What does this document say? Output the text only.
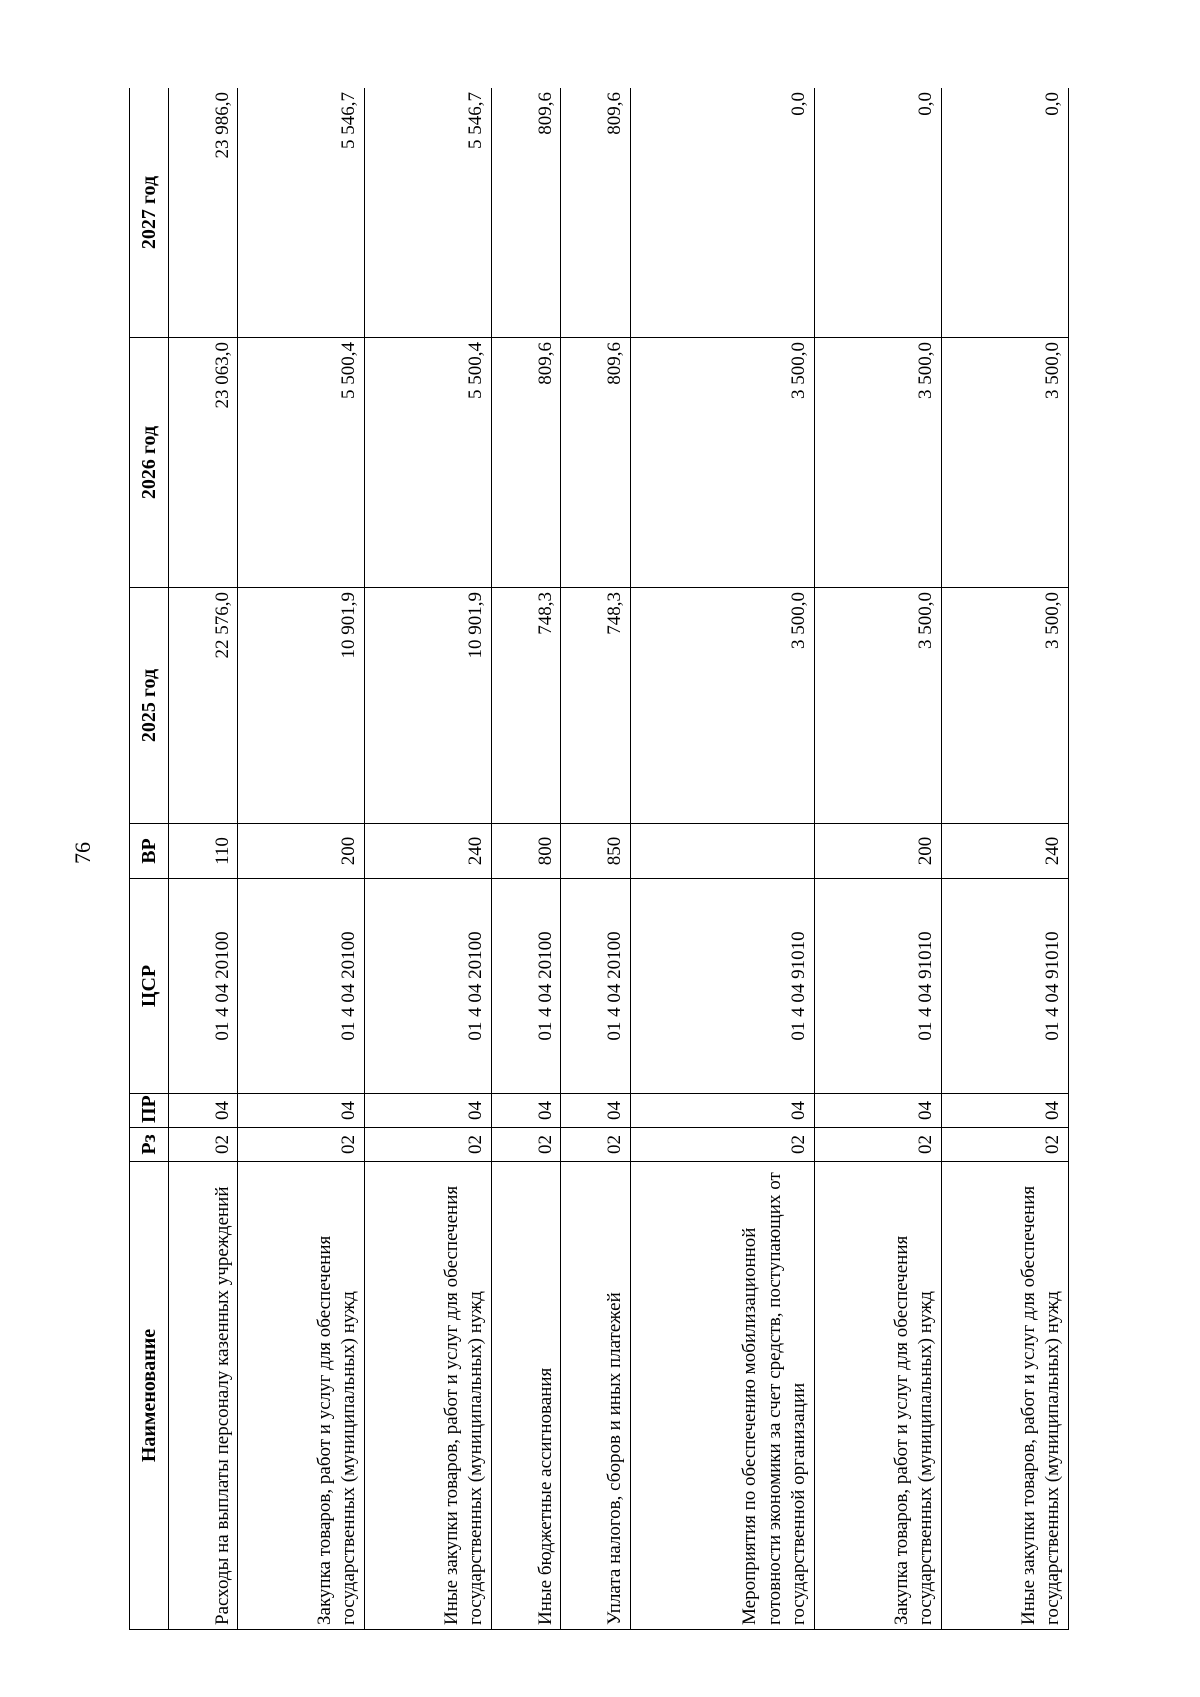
76
Наименование	Рз	ПР	ЦСР	ВР	2025 год	2026 год	2027 год
Расходы на выплаты персоналу казенных учреждений	02	04	01 4 04 20100	110	22 576,0	23 063,0	23 986,0
Закупка товаров, работ и услуг для обеспечения государственных (муниципальных) нужд	02	04	01 4 04 20100	200	10 901,9	5 500,4	5 546,7
Иные закупки товаров, работ и услуг для обеспечения государственных (муниципальных) нужд	02	04	01 4 04 20100	240	10 901,9	5 500,4	5 546,7
Иные бюджетные ассигнования	02	04	01 4 04 20100	800	748,3	809,6	809,6
Уплата налогов, сборов и иных платежей	02	04	01 4 04 20100	850	748,3	809,6	809,6
Мероприятия по обеспечению мобилизационной готовности экономики за счет средств, поступающих от государственной организации	02	04	01 4 04 91010		3 500,0	3 500,0	0,0
Закупка товаров, работ и услуг для обеспечения государственных (муниципальных) нужд	02	04	01 4 04 91010	200	3 500,0	3 500,0	0,0
Иные закупки товаров, работ и услуг для обеспечения государственных (муниципальных) нужд	02	04	01 4 04 91010	240	3 500,0	3 500,0	0,0
